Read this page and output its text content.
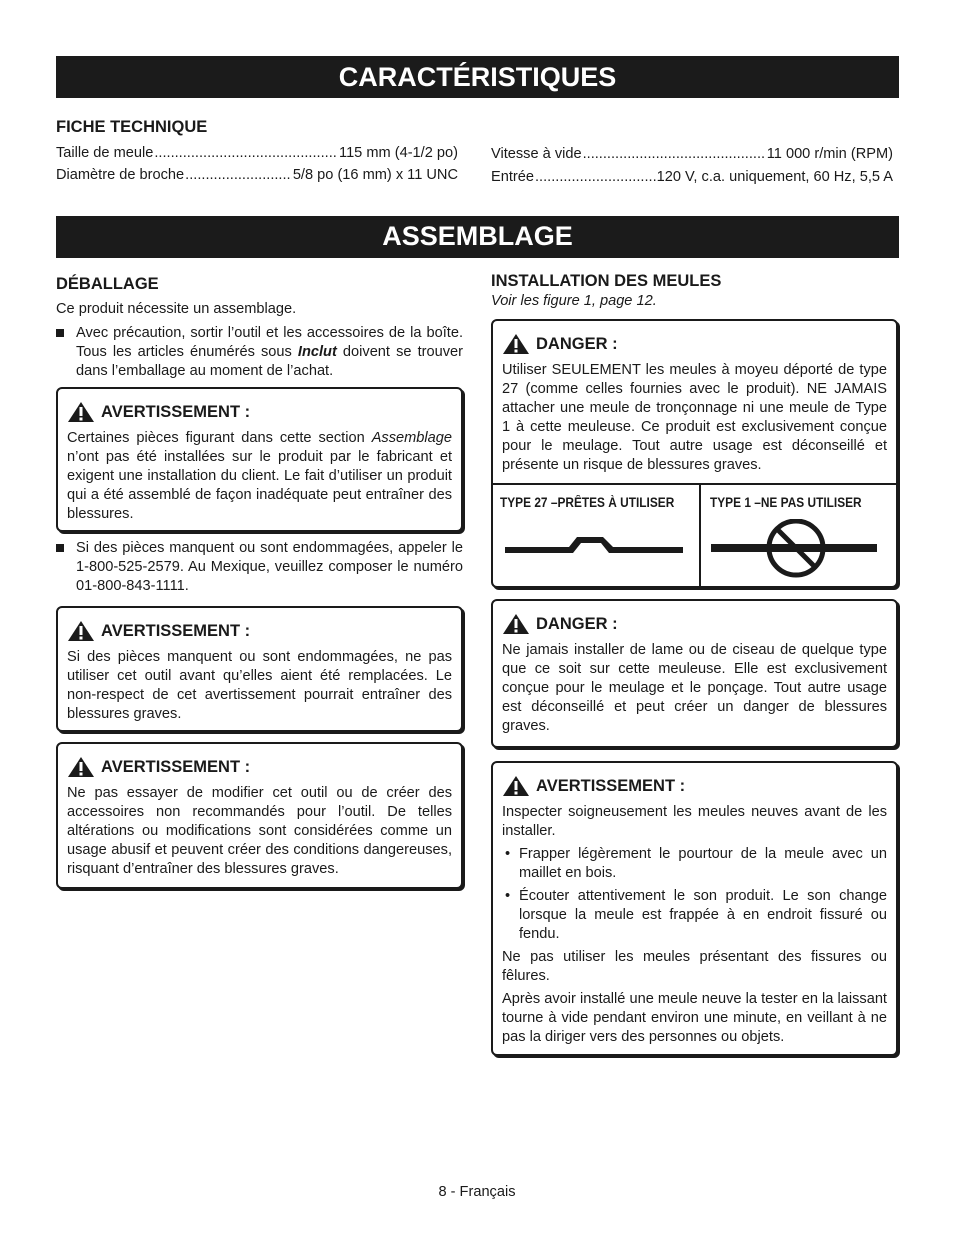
CARACTÉRISTIQUES
ASSEMBLAGE
FICHE TECHNIQUE
Taille de meule .....	115 mm (4-1/2 po)
Diamètre de broche .....	5/8 po (16 mm) x 11 UNC
Vitesse à vide .....	11 000 r/min (RPM)
Entrée .....	120 V, c.a. uniquement, 60 Hz, 5,5 A
DÉBALLAGE
Ce produit nécessite un assemblage.
Avec précaution, sortir l’outil et les accessoires de la boîte. Tous les articles énumérés sous Inclut doivent se trouver dans l’emballage au moment de l’achat.
AVERTISSEMENT :

Certaines pièces figurant dans cette section Assemblage n’ont pas été installées sur le produit par le fabricant et exigent une installation du client. Le fait d’utiliser un produit qui a été assemblé de façon inadéquate peut entraîner des blessures.

Si des pièces manquent ou sont endommagées, appeler le 1-800-525-2579. Au Mexique, veuillez composer le numéro 01-800-843-1111.
AVERTISSEMENT :

Si des pièces manquent ou sont endommagées, ne pas utiliser cet outil avant qu’elles aient été remplacées. Le non-respect de cet avertissement pourrait entraîner des blessures graves.

AVERTISSEMENT :

Ne pas essayer de modifier cet outil ou de créer des accessoires non recommandés pour l’outil. De telles altérations ou modifications sont considérées comme un usage abusif et peuvent créer des conditions dangereuses, risquant d’entraîner des blessures graves.

INSTALLATION DES MEULES
Voir les figure 1, page 12.
DANGER :

Utiliser SEULEMENT les meules à moyeu déporté de type 27 (comme celles fournies avec le produit). NE JAMAIS attacher une meule de tronçonnage ni une meule de Type 1 à cette meuleuse. Ce produit est exclusivement conçue pour le meulage. Tout autre usage est déconseillé et présente un risque de blessures graves.

TYPE 27 –PRÊTES À UTILISER	TYPE 1 –NE PAS UTILISER
DANGER :

Ne jamais installer de lame ou de ciseau de quelque type que ce soit sur cette meuleuse. Elle est exclusivement conçue pour le meulage et le ponçage. Tout autre usage est déconseillé et peut créer un danger de blessures graves.

AVERTISSEMENT :

Inspecter soigneusement les meules neuves avant de les installer.

• Frapper légèrement le pourtour de la meule avec un maillet en bois.
• Écouter attentivement le son produit. Le son change lorsque la meule est frappée à en endroit fissuré ou fendu.

Ne pas utiliser les meules présentant des fissures ou fêlures.

Après avoir installé une meule neuve la tester en la laissant tourne à vide pendant environ une minute, en veillant à ne pas la diriger vers des personnes ou objets.

8 - Français
